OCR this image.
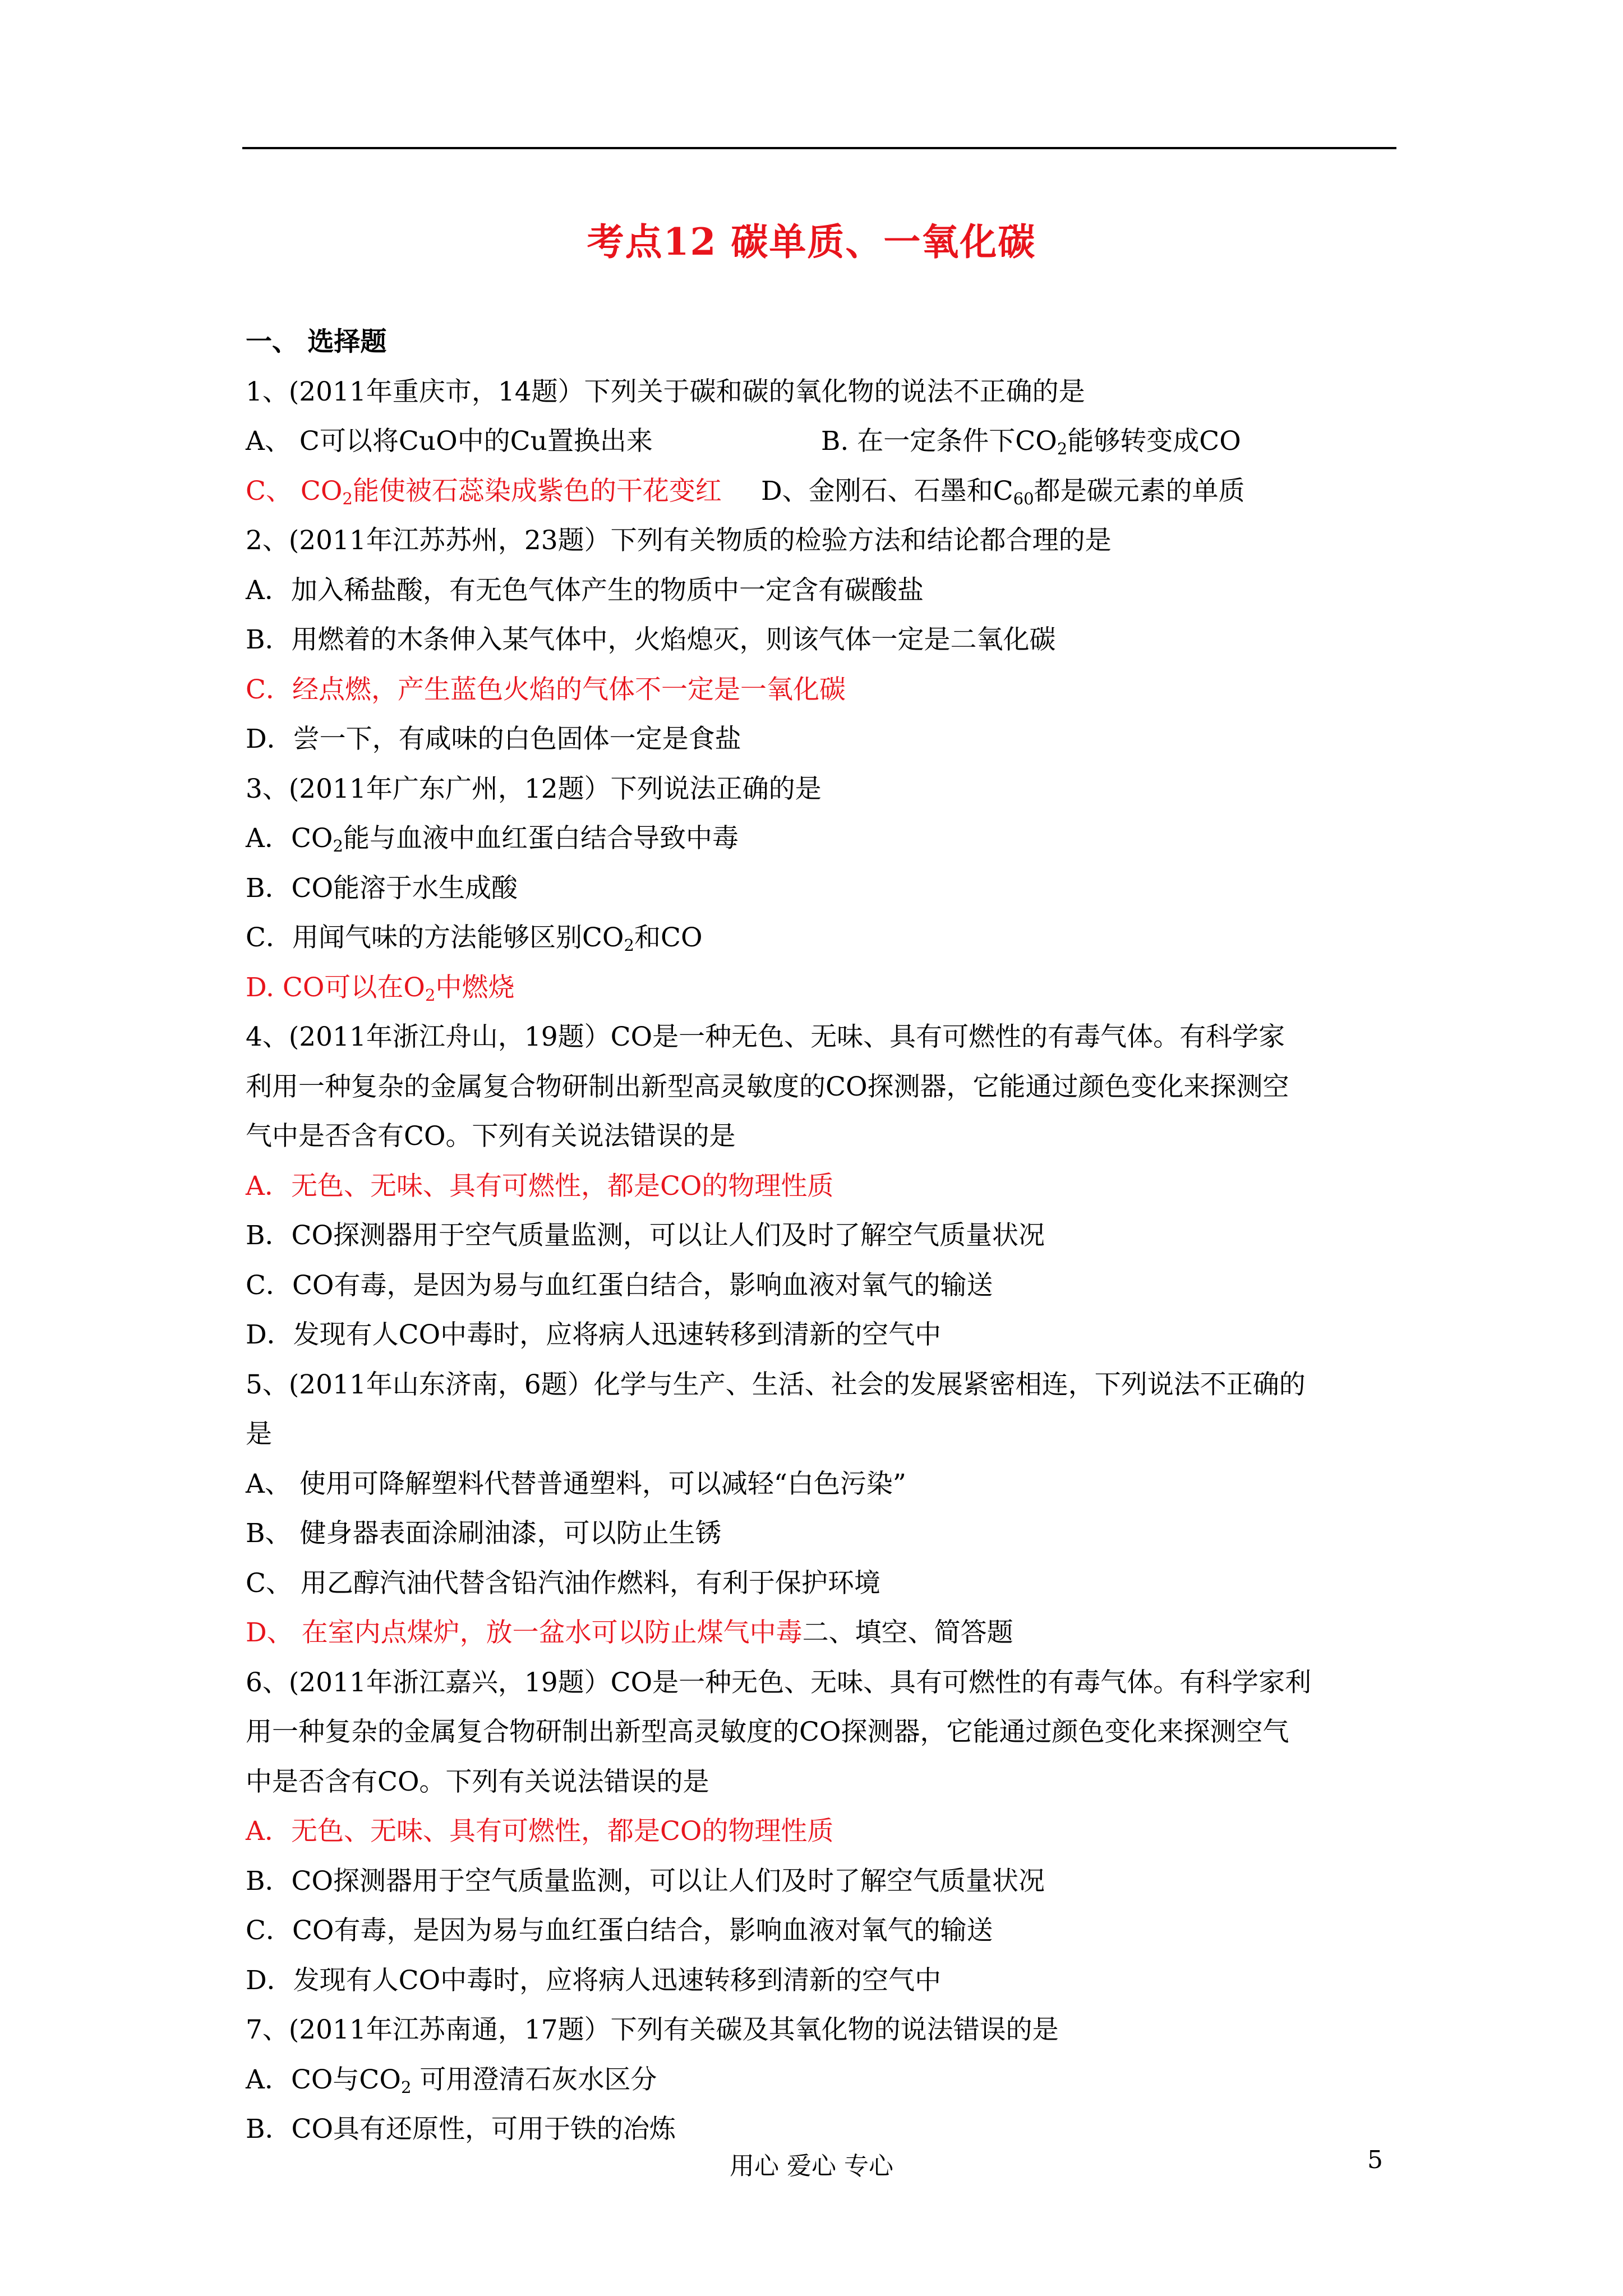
考点12 碳单质、一氧化碳
一、 选择题
1、(2011年重庆市，14题）下列关于碳和碳的氧化物的说法不正确的是
A、 C可以将CuO中的Cu置换出来	B. 在一定条件下$CO_2$能够转变成CO
C、 $CO_2$能使被石蕊染成紫色的干花变红 D、金刚石、石墨和$C_{60}$都是碳元素的单质
2、(2011年江苏苏州，23题）下列有关物质的检验方法和结论都合理的是
A．加入稀盐酸，有无色气体产生的物质中一定含有碳酸盐
B．用燃着的木条伸入某气体中，火焰熄灭，则该气体一定是二氧化碳
C．经点燃，产生蓝色火焰的气体不一定是一氧化碳
D．尝一下，有咸味的白色固体一定是食盐
3、(2011年广东广州，12题）下列说法正确的是
A．$CO_2$能与血液中血红蛋白结合导致中毒
B．CO能溶于水生成酸
C．用闻气味的方法能够区别$CO_2$和CO
D. CO可以在$O_2$中燃烧
4、(2011年浙江舟山，19题）CO是一种无色、无味、具有可燃性的有毒气体。有科学家
利用一种复杂的金属复合物研制出新型高灵敏度的CO探测器，它能通过颜色变化来探测空
气中是否含有CO。下列有关说法错误的是
A．无色、无味、具有可燃性，都是CO的物理性质
B．CO探测器用于空气质量监测，可以让人们及时了解空气质量状况
C．CO有毒，是因为易与血红蛋白结合，影响血液对氧气的输送
D．发现有人CO中毒时，应将病人迅速转移到清新的空气中
5、(2011年山东济南，6题）化学与生产、生活、社会的发展紧密相连，下列说法不正确的
是
A、 使用可降解塑料代替普通塑料，可以减轻“白色污染”
B、 健身器表面涂刷油漆，可以防止生锈
C、 用乙醇汽油代替含铅汽油作燃料，有利于保护环境
D、 在室内点煤炉，放一盆水可以防止煤气中毒二、填空、简答题
6、(2011年浙江嘉兴，19题）CO是一种无色、无味、具有可燃性的有毒气体。有科学家利
用一种复杂的金属复合物研制出新型高灵敏度的CO探测器，它能通过颜色变化来探测空气
中是否含有CO。下列有关说法错误的是
A．无色、无味、具有可燃性，都是CO的物理性质
B．CO探测器用于空气质量监测，可以让人们及时了解空气质量状况
C．CO有毒，是因为易与血红蛋白结合，影响血液对氧气的输送
D．发现有人CO中毒时，应将病人迅速转移到清新的空气中
7、(2011年江苏南通，17题）下列有关碳及其氧化物的说法错误的是
A．CO与$CO_2$ 可用澄清石灰水区分
B．CO具有还原性，可用于铁的冶炼
用心 爱心 专心	5
